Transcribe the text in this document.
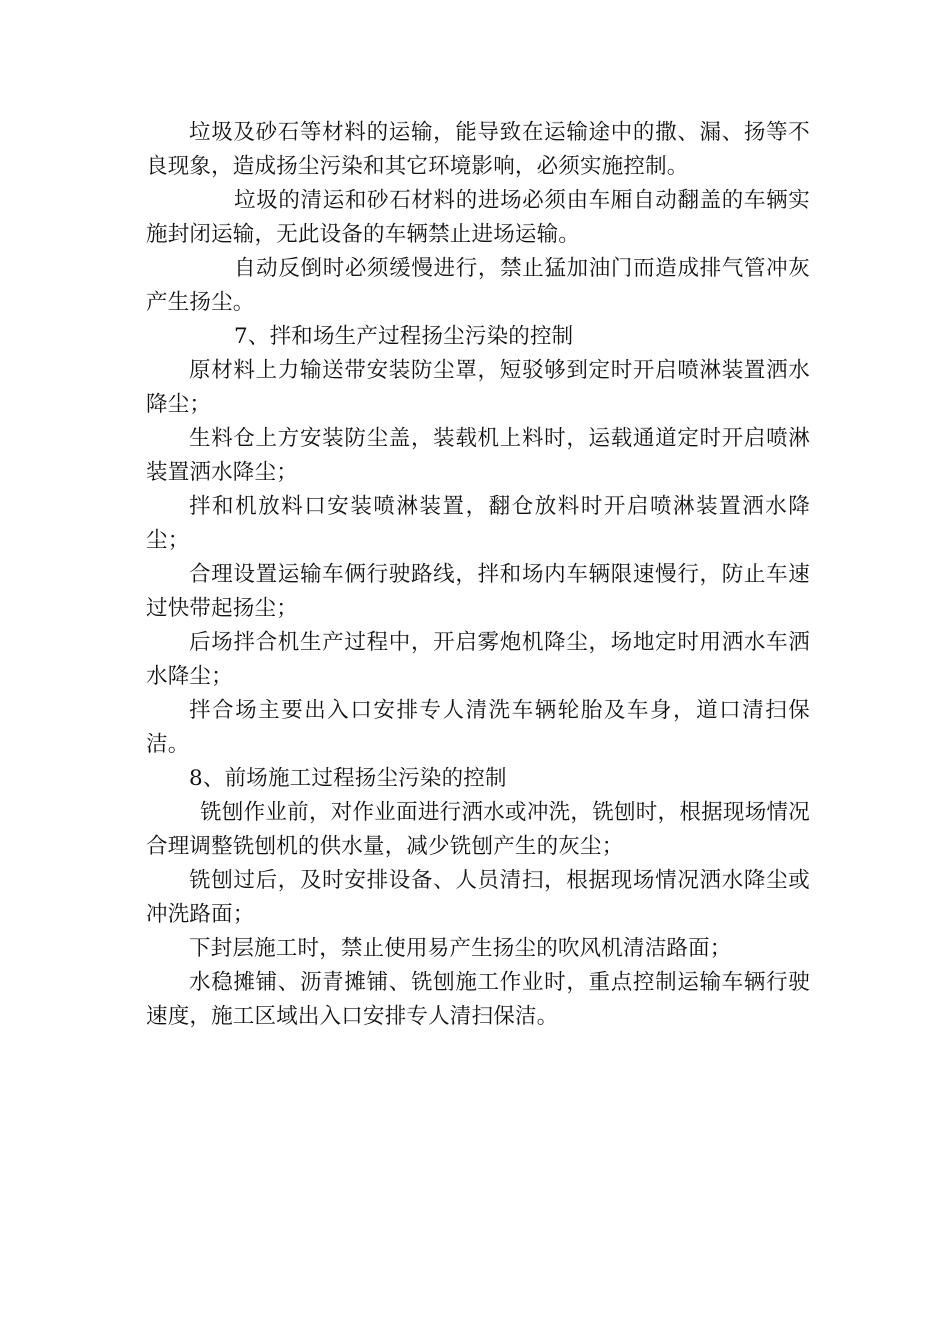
垃圾及砂石等材料的运输，能导致在运输途中的撒、漏、扬等不良现象，造成扬尘污染和其它环境影响，必须实施控制。

垃圾的清运和砂石材料的进场必须由车厢自动翻盖的车辆实施封闭运输，无此设备的车辆禁止进场运输。

自动反倒时必须缓慢进行，禁止猛加油门而造成排气管冲灰产生扬尘。

7、拌和场生产过程扬尘污染的控制

原材料上力输送带安装防尘罩，短驳够到定时开启喷淋装置洒水降尘；

生料仓上方安装防尘盖，装载机上料时，运载通道定时开启喷淋装置洒水降尘；

拌和机放料口安装喷淋装置，翻仓放料时开启喷淋装置洒水降尘；

合理设置运输车俩行驶路线，拌和场内车辆限速慢行，防止车速过快带起扬尘；

后场拌合机生产过程中，开启雾炮机降尘，场地定时用洒水车洒水降尘；

拌合场主要出入口安排专人清洗车辆轮胎及车身，道口清扫保洁。

8、前场施工过程扬尘污染的控制

铣刨作业前，对作业面进行洒水或冲洗，铣刨时，根据现场情况合理调整铣刨机的供水量，减少铣刨产生的灰尘；

铣刨过后，及时安排设备、人员清扫，根据现场情况洒水降尘或冲洗路面；

下封层施工时，禁止使用易产生扬尘的吹风机清洁路面；

水稳摊铺、沥青摊铺、铣刨施工作业时，重点控制运输车辆行驶速度，施工区域出入口安排专人清扫保洁。
